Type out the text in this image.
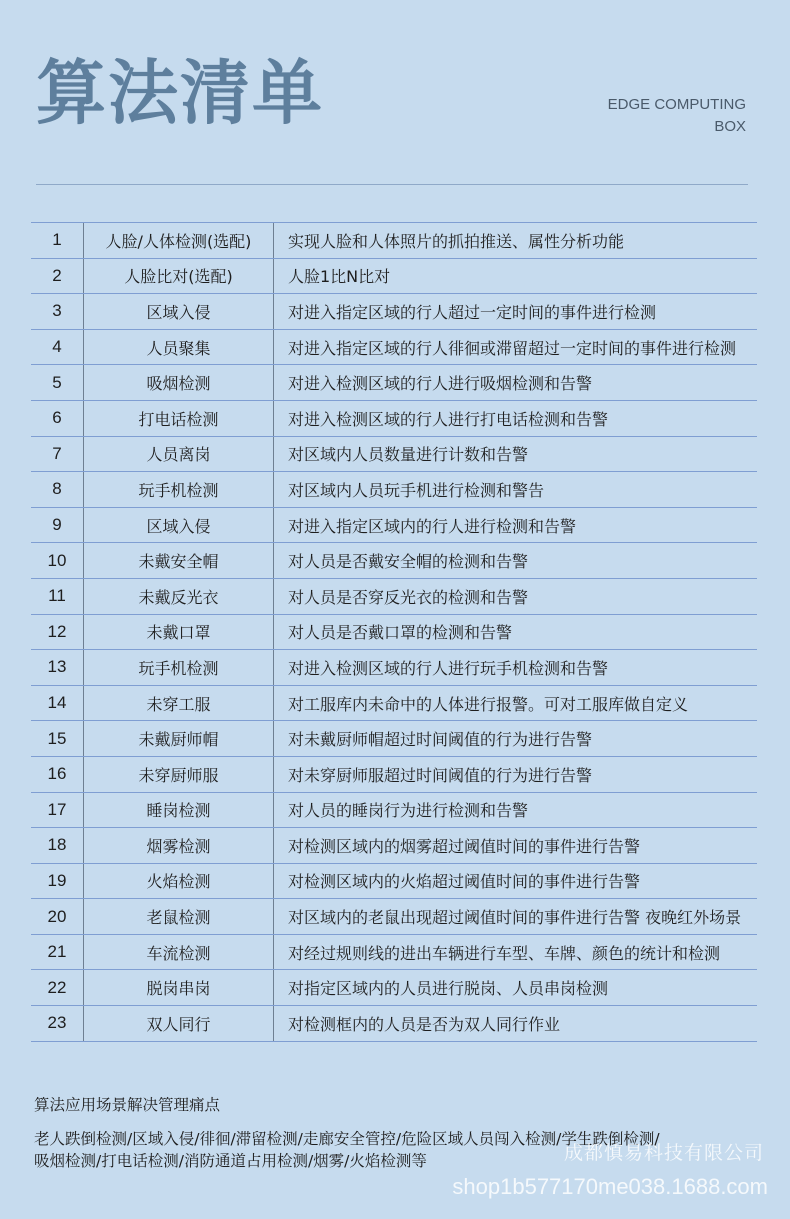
算法清单	EDGE COMPUTING
BOX
1	人脸/人体检测(选配)	实现人脸和人体照片的抓拍推送、属性分析功能
2	人脸比对(选配)	人脸1比N比对
3	区域入侵	对进入指定区域的行人超过一定时间的事件进行检测
4	人员聚集	对进入指定区域的行人徘徊或滞留超过一定时间的事件进行检测
5	吸烟检测	对进入检测区域的行人进行吸烟检测和告警
6	打电话检测	对进入检测区域的行人进行打电话检测和告警
7	人员离岗	对区域内人员数量进行计数和告警
8	玩手机检测	对区域内人员玩手机进行检测和警告
9	区域入侵	对进入指定区域内的行人进行检测和告警
10	未戴安全帽	对人员是否戴安全帽的检测和告警
11	未戴反光衣	对人员是否穿反光衣的检测和告警
12	未戴口罩	对人员是否戴口罩的检测和告警
13	玩手机检测	对进入检测区域的行人进行玩手机检测和告警
14	未穿工服	对工服库内未命中的人体进行报警。可对工服库做自定义
15	未戴厨师帽	对未戴厨师帽超过时间阈值的行为进行告警
16	未穿厨师服	对未穿厨师服超过时间阈值的行为进行告警
17	睡岗检测	对人员的睡岗行为进行检测和告警
18	烟雾检测	对检测区域内的烟雾超过阈值时间的事件进行告警
19	火焰检测	对检测区域内的火焰超过阈值时间的事件进行告警
20	老鼠检测	对区域内的老鼠出现超过阈值时间的事件进行告警 夜晚红外场景
21	车流检测	对经过规则线的进出车辆进行车型、车牌、颜色的统计和检测
22	脱岗串岗	对指定区域内的人员进行脱岗、人员串岗检测
23	双人同行	对检测框内的人员是否为双人同行作业
算法应用场景解决管理痛点
老人跌倒检测/区域入侵/徘徊/滞留检测/走廊安全管控/危险区域人员闯入检测/学生跌倒检测/
吸烟检测/打电话检测/消防通道占用检测/烟雾/火焰检测等	成都慎易科技有限公司
shop1b577170me038.1688.com
